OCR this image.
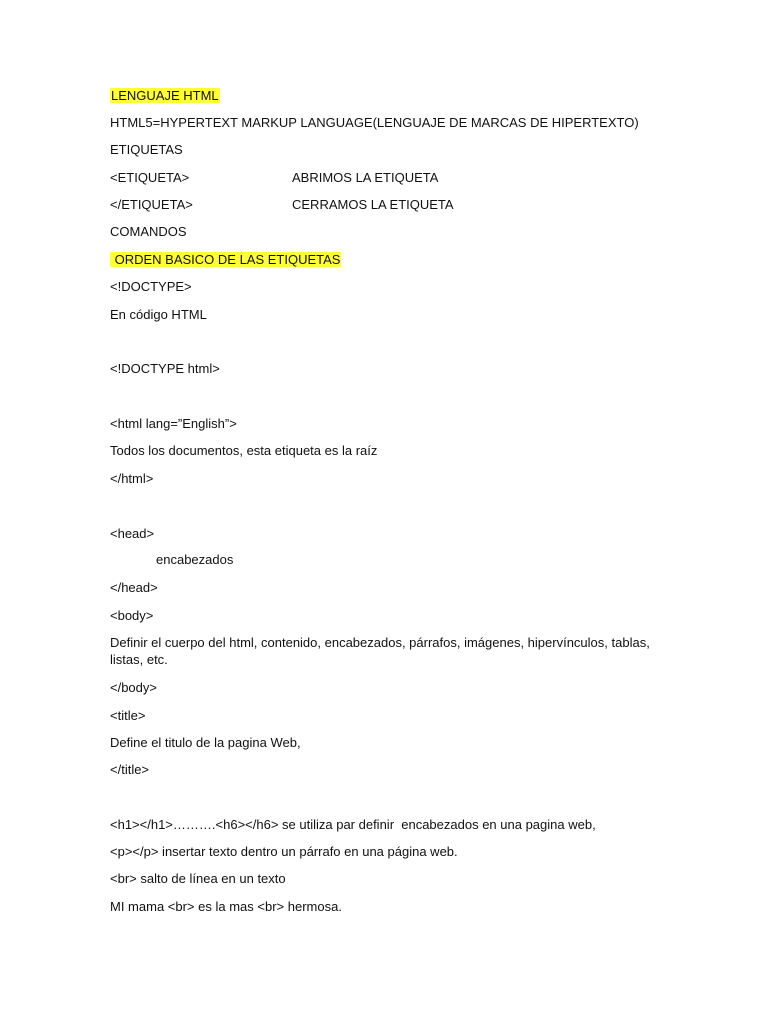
LENGUAJE HTML
HTML5=HYPERTEXT MARKUP LANGUAGE(LENGUAJE DE MARCAS DE HIPERTEXTO)
ETIQUETAS
<ETIQUETA>	ABRIMOS LA ETIQUETA
</ETIQUETA>	CERRAMOS LA ETIQUETA
COMANDOS
ORDEN BASICO DE LAS ETIQUETAS
<!DOCTYPE>
En código HTML
<!DOCTYPE html>
<html lang=”English”>
Todos los documentos, esta etiqueta es la raíz
</html>
<head>
encabezados
</head>
<body>
Definir el cuerpo del html, contenido, encabezados, párrafos, imágenes, hipervínculos, tablas, listas, etc.
</body>
<title>
Define el titulo de la pagina Web,
</title>
<h1></h1>……….<h6></h6> se utiliza par definir  encabezados en una pagina web,
<p></p> insertar texto dentro un párrafo en una página web.
<br> salto de línea en un texto
MI mama <br> es la mas <br> hermosa.
